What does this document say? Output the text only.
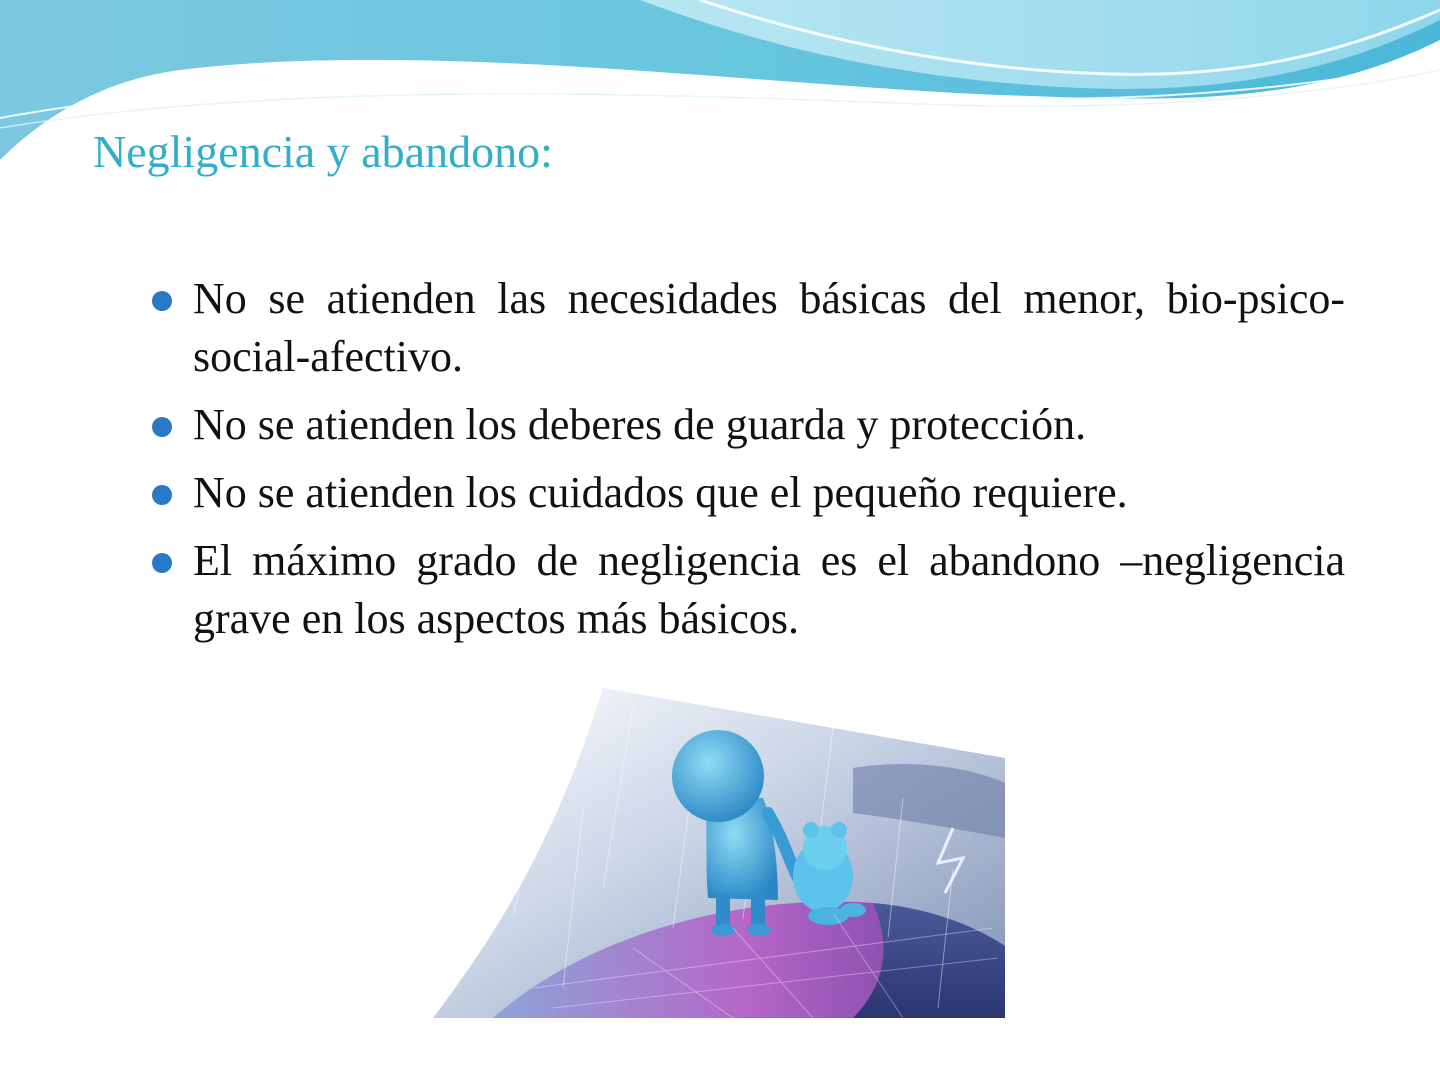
Negligencia y abandono:
No se atienden las necesidades básicas del menor, bio-psico-social-afectivo.
No se atienden los deberes de guarda y protección.
No se atienden los cuidados que el pequeño requiere.
El máximo grado de negligencia es el abandono –negligencia grave en los aspectos más básicos.
